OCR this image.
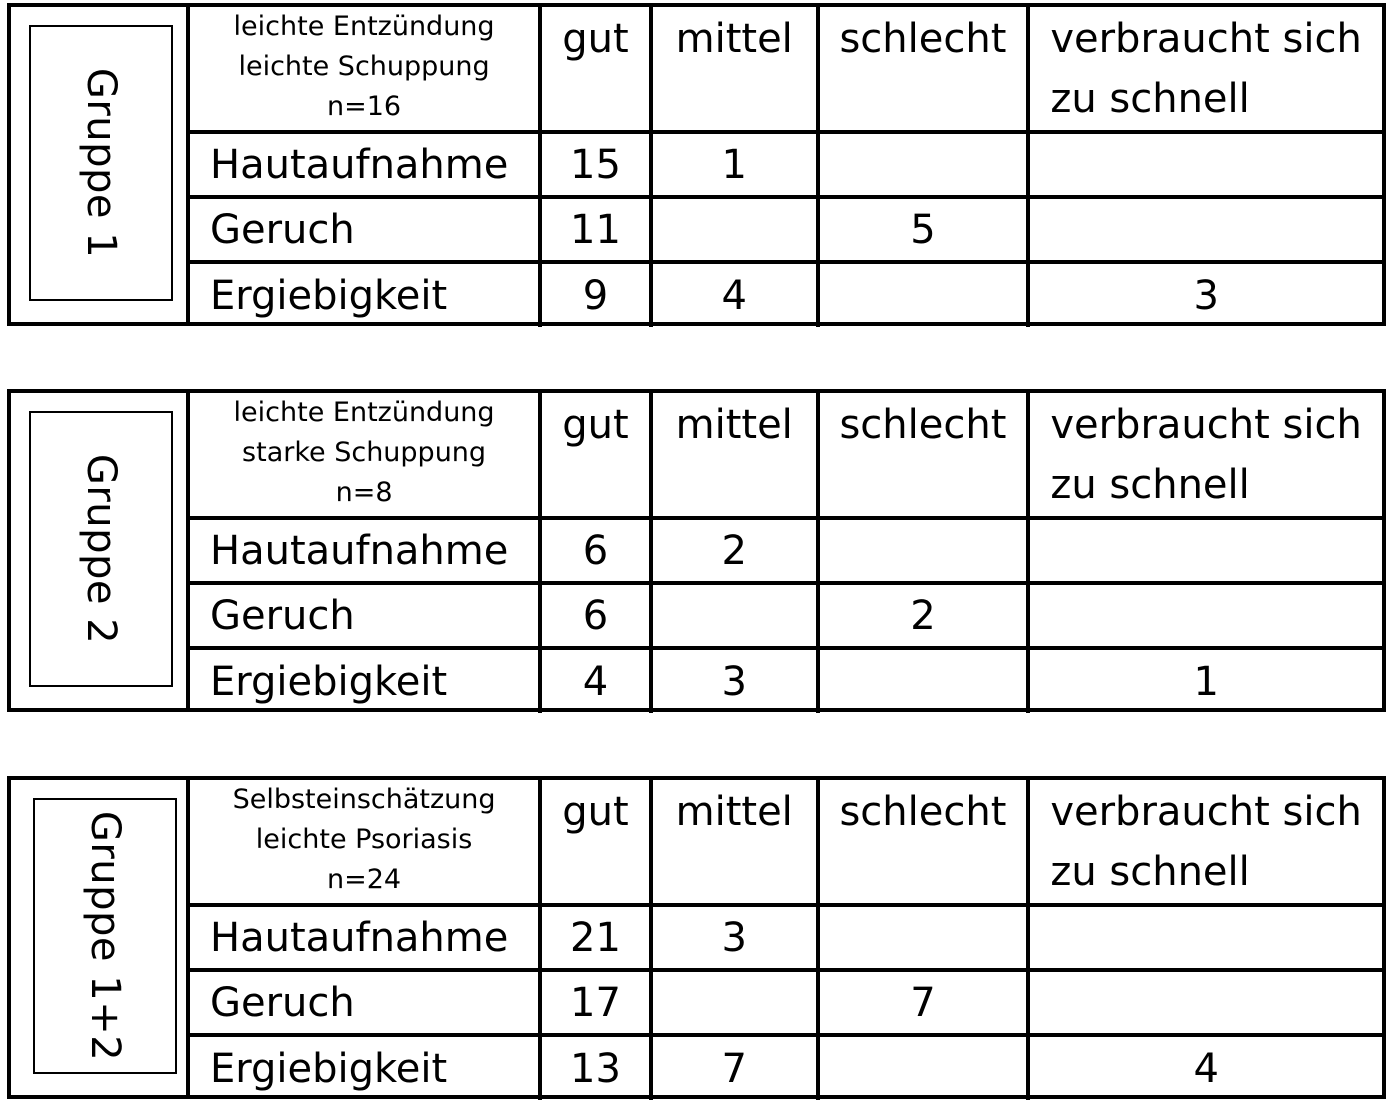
Gruppe 1
leichte Entzündung
leichte Schuppung
n=16	gut	mittel	schlecht	verbraucht sich zu schnell
Hautaufnahme	15	1		
Geruch	11		5	
Ergiebigkeit	9	4		3
Gruppe 2
leichte Entzündung
starke Schuppung
n=8	gut	mittel	schlecht	verbraucht sich zu schnell
Hautaufnahme	6	2		
Geruch	6		2	
Ergiebigkeit	4	3		1
Gruppe 1+2
Selbsteinschätzung
leichte Psoriasis
n=24	gut	mittel	schlecht	verbraucht sich zu schnell
Hautaufnahme	21	3		
Geruch	17		7	
Ergiebigkeit	13	7		4
